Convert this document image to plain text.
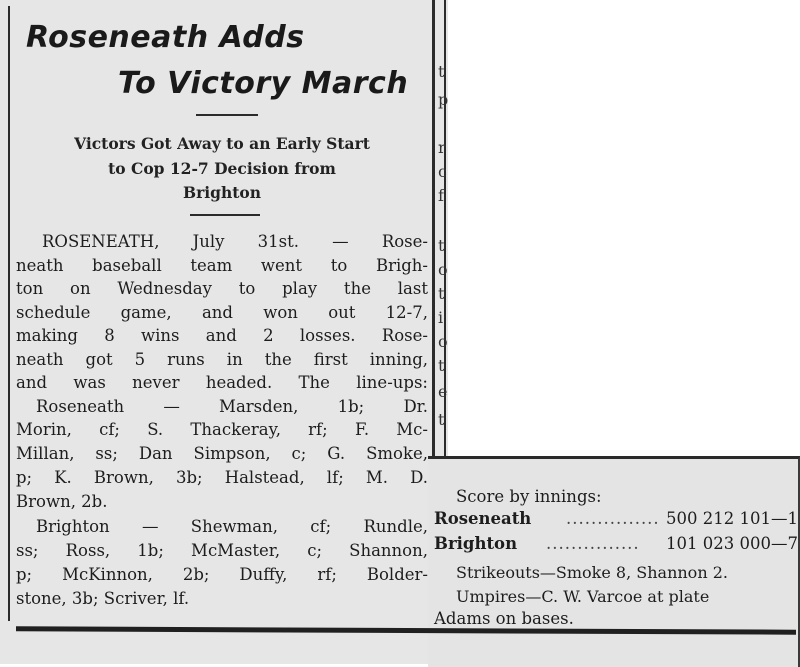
Roseneath Adds
To Victory March
Victors Got Away to an Early Start
to Cop 12-7 Decision from
Brighton
ROSENEATH, July 31st. — Rose-
neath baseball team went to Brigh-
ton on Wednesday to play the last
schedule game, and won out 12-7,
making 8 wins and 2 losses. Rose-
neath got 5 runs in the first inning,
and was never headed. The line-ups:
Roseneath — Marsden, 1b; Dr.
Morin, cf; S. Thackeray, rf; F. Mc-
Millan, ss; Dan Simpson, c; G. Smoke,
p; K. Brown, 3b; Halstead, lf; M. D.
Brown, 2b.
Brighton — Shewman, cf; Rundle,
ss; Ross, 1b; McMaster, c; Shannon,
p; McKinnon, 2b; Duffy, rf; Bolder-
stone, 3b; Scriver, lf.
t
p
r
c
f
t
o
t
i
o
t
e
t
Score by innings:
Roseneath ............... 500 212 101—1
Brighton ............... 101 023 000—7
Strikeouts—Smoke 8, Shannon 2.
Umpires—C. W. Varcoe at plate
Adams on bases.
